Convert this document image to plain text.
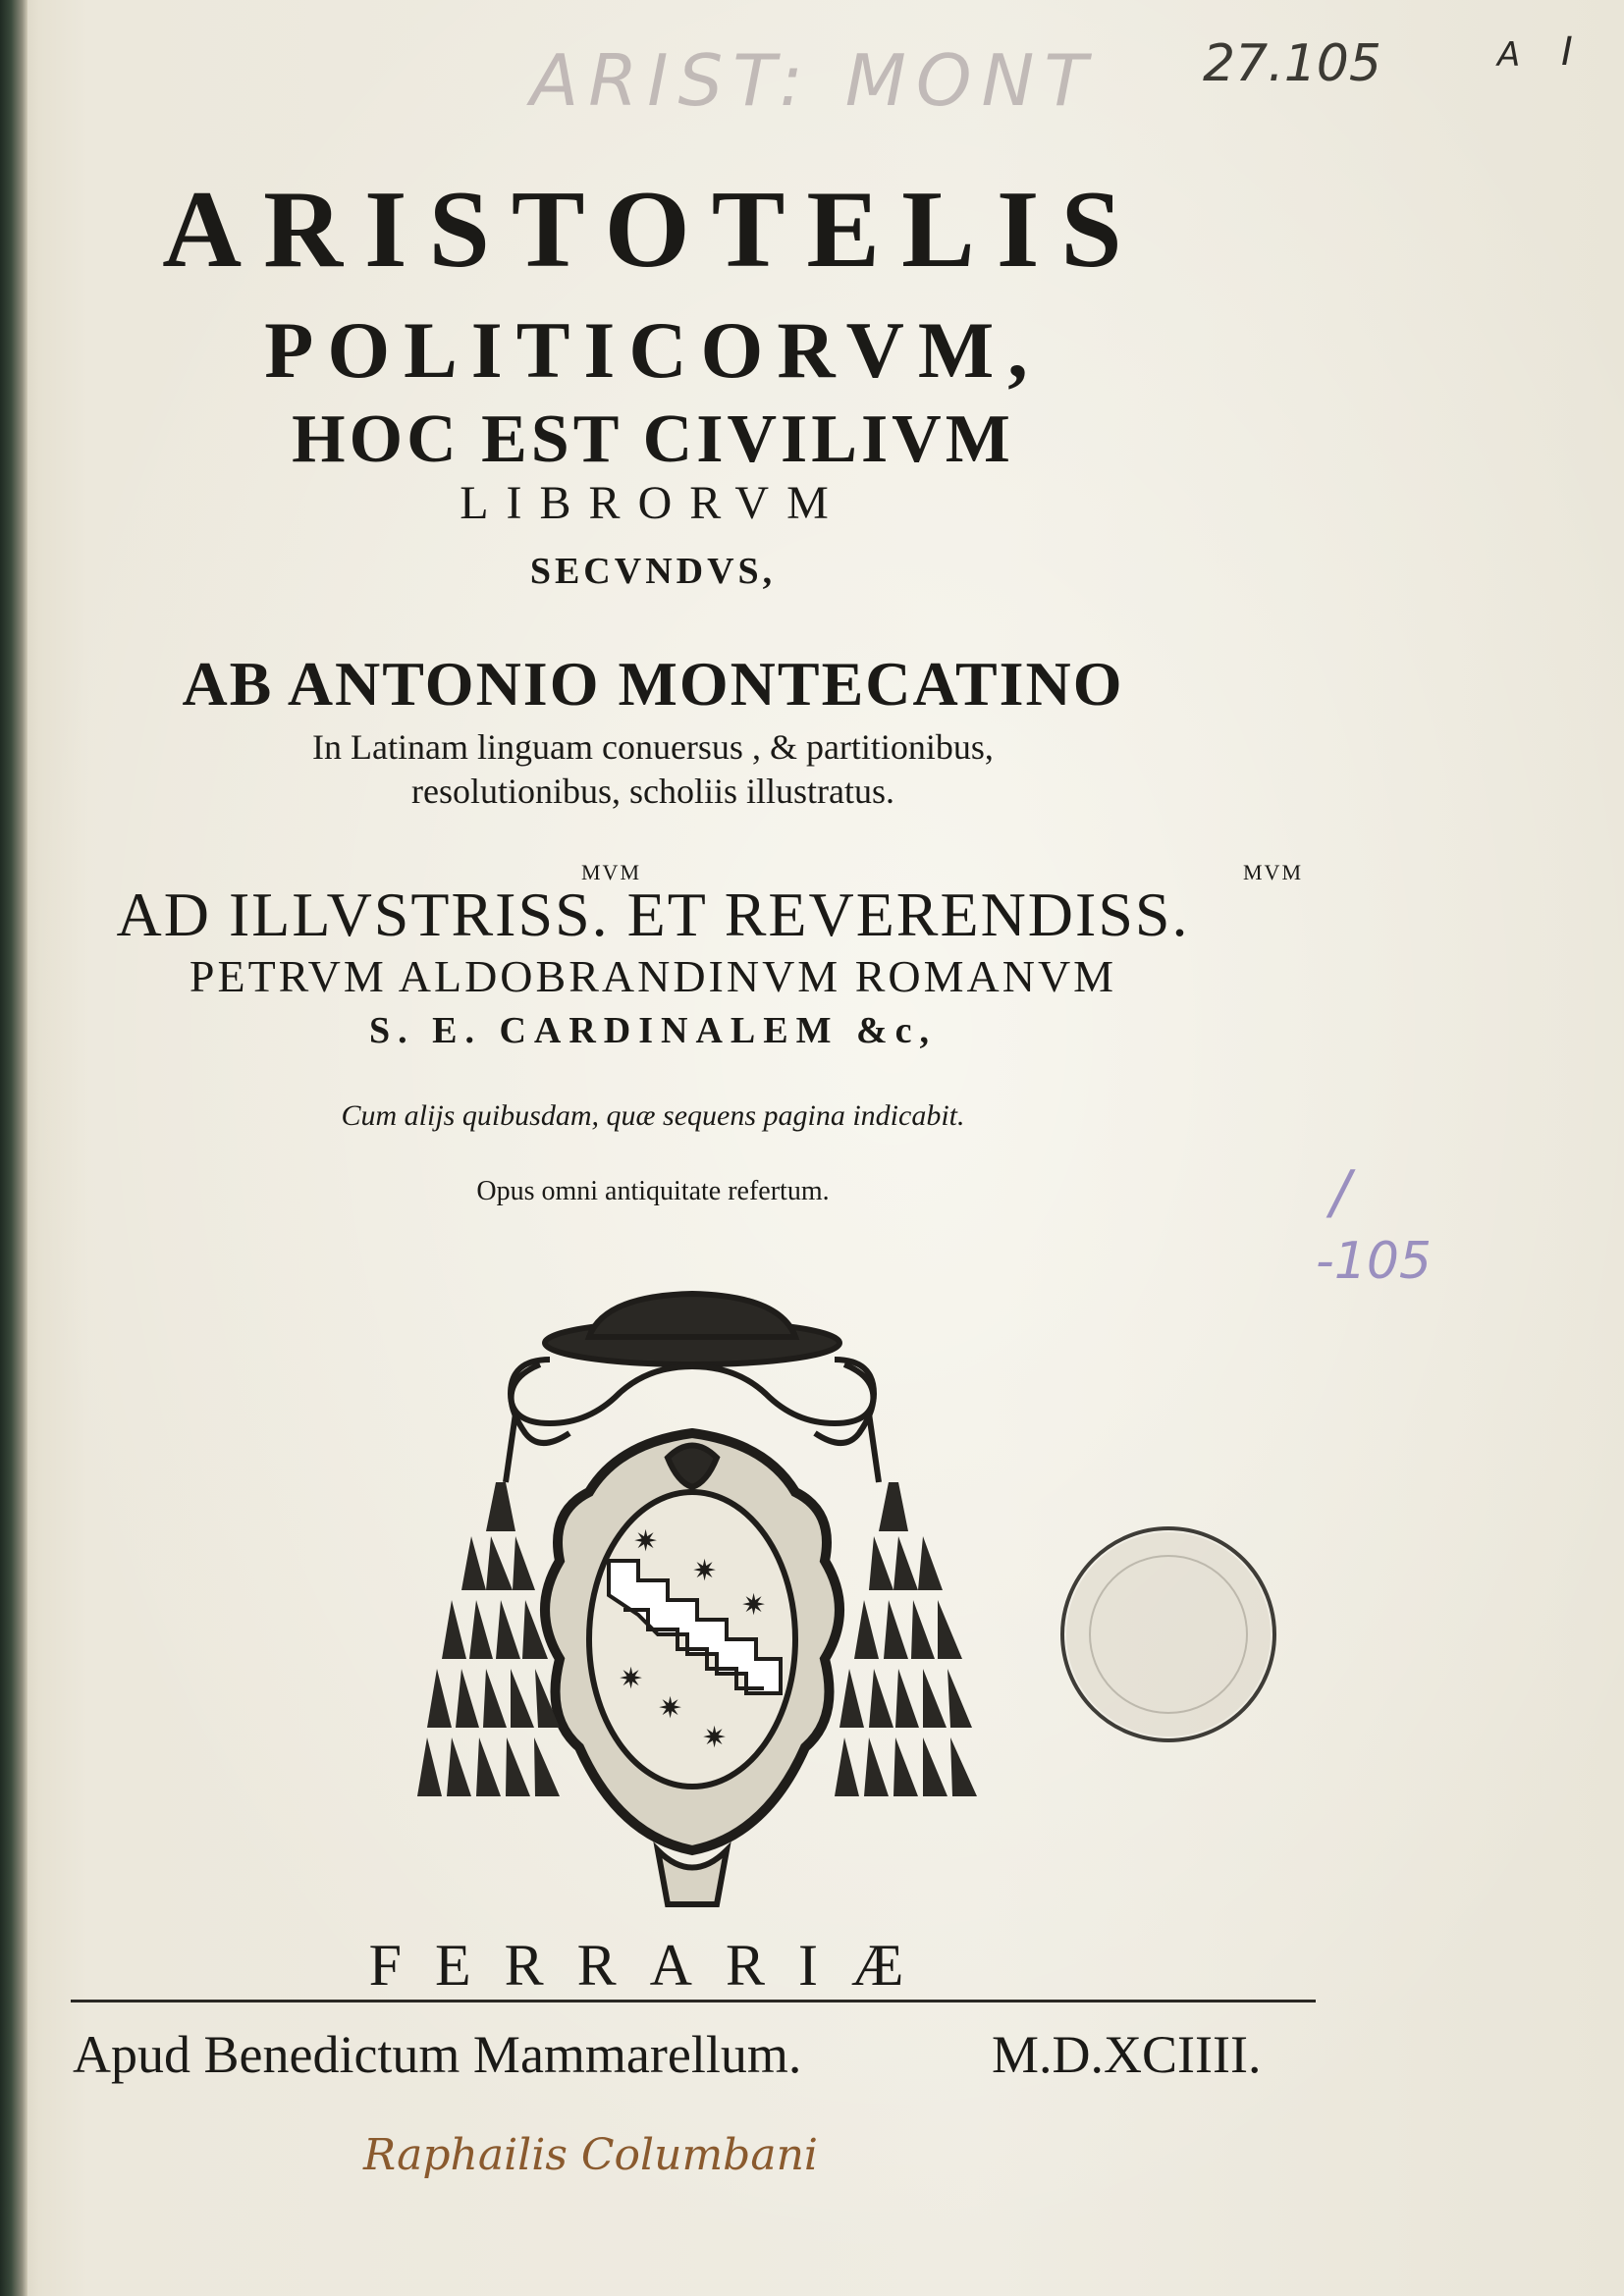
ARIST: MONT 27.105	A I
ARISTOTELIS
POLITICORVM,
HOC EST CIVILIVM
LIBRORVM
SECVNDVS,
AB ANTONIO MONTECATINO
In Latinam linguam conuersus , & partitionibus,
resolutionibus, scholiis illustratus.
MVM	MVM
AD ILLVSTRISS. ET REVERENDISS.
PETRVM ALDOBRANDINVM ROMANVM
S. E. CARDINALEM &c,
Cum alijs quibusdam, quæ sequens pagina indicabit.
Opus omni antiquitate refertum.	/
-105
✷
✷
✷
✷
✷
✷
FERRARIÆ
Apud Benedictum Mammarellum.	M.D.XCIIII.
Raphailis Columbani
